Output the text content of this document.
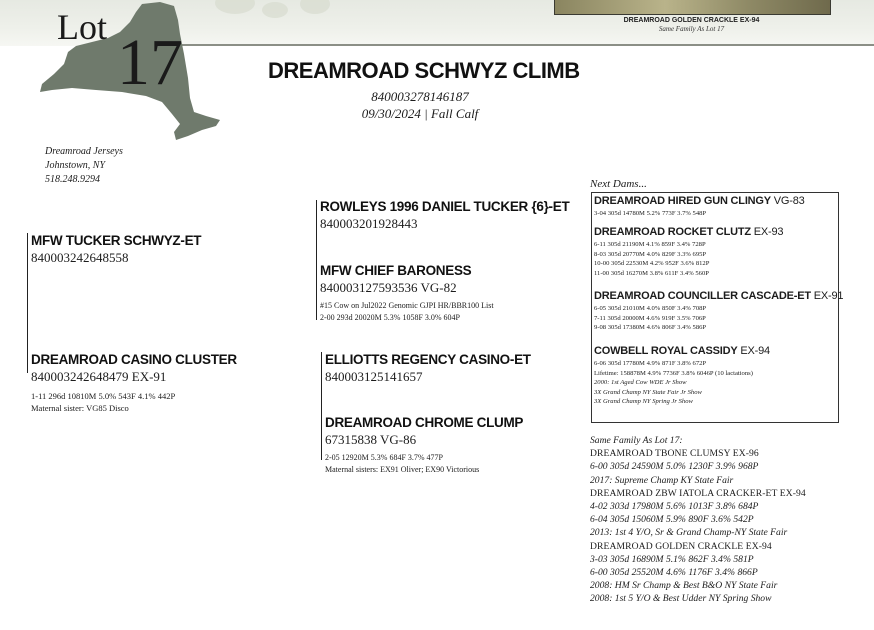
DREAMROAD GOLDEN CRACKLE EX-94
Same Family As Lot 17
Lot 17	DREAMROAD SCHWYZ CLIMB
840003278146187
09/30/2024 | Fall Calf
Dreamroad Jerseys
Johnstown, NY
518.248.9294
MFW TUCKER SCHWYZ-ET
840003242648558
DREAMROAD CASINO CLUSTER
840003242648479 EX-91
1-11 296d 10810M 5.0% 543F 4.1% 442P
Maternal sister: VG85 Disco
ROWLEYS 1996 DANIEL TUCKER {6}-ET
840003201928443
MFW CHIEF BARONESS
840003127593536 VG-82
#15 Cow on Jul2022 Genomic GJPI HR/BBR100 List
2-00 293d 20020M 5.3% 1058F 3.0% 604P
ELLIOTTS REGENCY CASINO-ET
840003125141657
DREAMROAD CHROME CLUMP
67315838 VG-86
2-05 12920M 5.3% 684F 3.7% 477P
Maternal sisters: EX91 Oliver; EX90 Victorious
Next Dams...
DREAMROAD HIRED GUN CLINGY VG-83
3-04 305d 14780M 5.2% 773F 3.7% 548P
DREAMROAD ROCKET CLUTZ EX-93
6-11 305d 21190M 4.1% 859F 3.4% 728P
8-03 305d 20770M 4.0% 829F 3.3% 695P
10-00 305d 22530M 4.2% 952F 3.6% 812P
11-00 305d 16270M 3.8% 611F 3.4% 560P
DREAMROAD COUNCILLER CASCADE-ET EX-91
6-05 305d 21010M 4.0% 850F 3.4% 708P
7-11 305d 20000M 4.6% 919F 3.5% 706P
9-08 305d 17380M 4.6% 806F 3.4% 586P
COWBELL ROYAL CASSIDY EX-94
6-06 305d 17780M 4.9% 871F 3.8% 672P
Lifetime: 158878M 4.9% 7736F 3.8% 6046P (10 lactations)
2000: 1st Aged Cow WDE Jr Show
3X Grand Champ NY State Fair Jr Show
3X Grand Champ NY Spring Jr Show
Same Family As Lot 17:
DREAMROAD TBONE CLUMSY EX-96
6-00 305d 24590M 5.0% 1230F 3.9% 968P
2017: Supreme Champ KY State Fair
DREAMROAD ZBW IATOLA CRACKER-ET EX-94
4-02 303d 17980M 5.6% 1013F 3.8% 684P
6-04 305d 15060M 5.9% 890F 3.6% 542P
2013: 1st 4 Y/O, Sr & Grand Champ-NY State Fair
DREAMROAD GOLDEN CRACKLE EX-94
3-03 305d 16890M 5.1% 862F 3.4% 581P
6-00 305d 25520M 4.6% 1176F 3.4% 866P
2008: HM Sr Champ & Best B&O NY State Fair
2008: 1st 5 Y/O & Best Udder NY Spring Show
